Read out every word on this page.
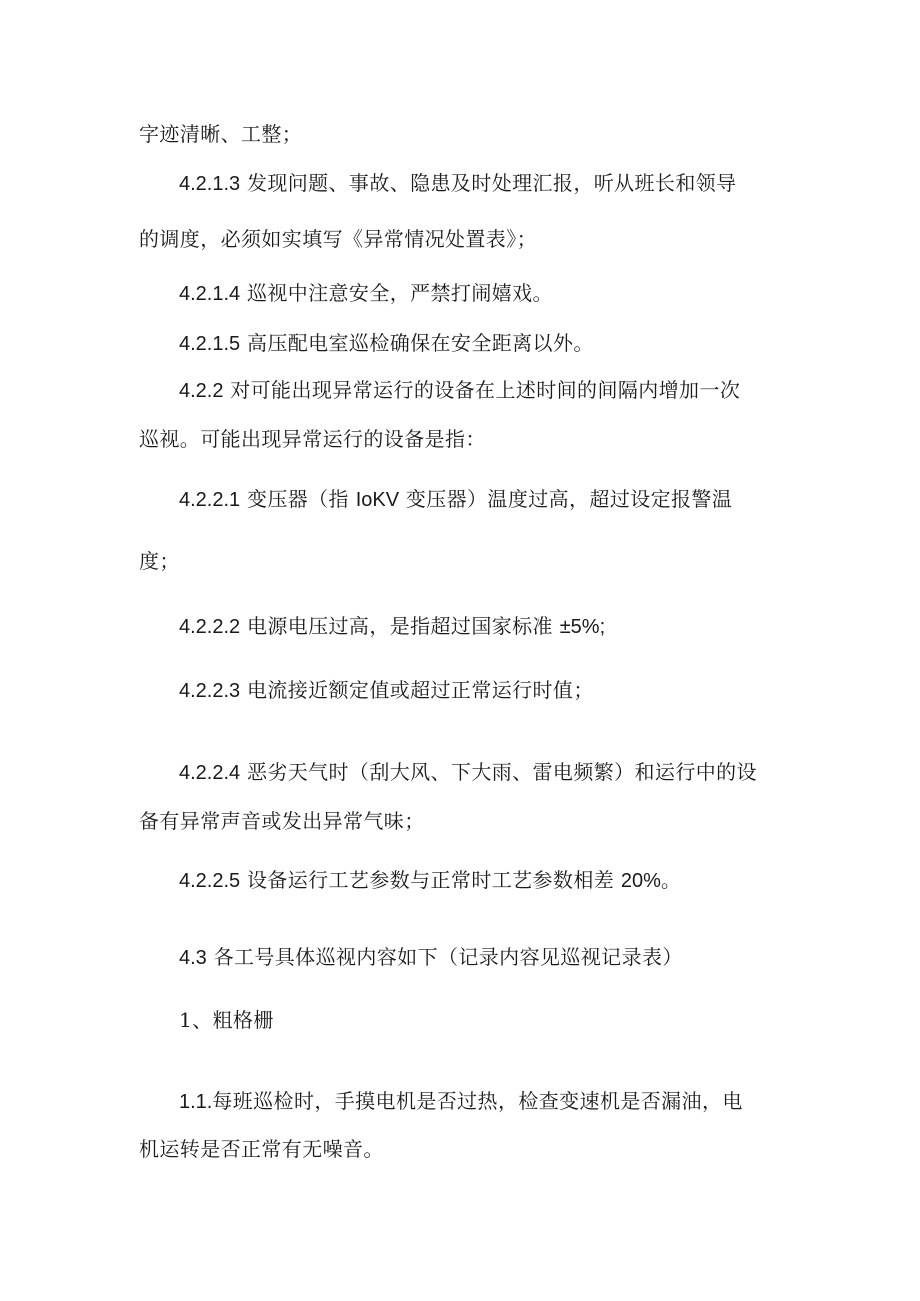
字迹清晰、工整；

4.2.1.3 发现问题、事故、隐患及时处理汇报，听从班长和领导

的调度，必须如实填写《异常情况处置表》；

4.2.1.4 巡视中注意安全，严禁打闹嬉戏。

4.2.1.5 高压配电室巡检确保在安全距离以外。

4.2.2 对可能出现异常运行的设备在上述时间的间隔内增加一次

巡视。可能出现异常运行的设备是指：

4.2.2.1 变压器（指 IoKV 变压器）温度过高，超过设定报警温

度；

4.2.2.2 电源电压过高，是指超过国家标准 ±5%;

4.2.2.3 电流接近额定值或超过正常运行时值；

4.2.2.4 恶劣天气时（刮大风、下大雨、雷电频繁）和运行中的设

备有异常声音或发出异常气味；

4.2.2.5 设备运行工艺参数与正常时工艺参数相差 20%。

4.3 各工号具体巡视内容如下（记录内容见巡视记录表）

1、粗格栅

1.1.每班巡检时，手摸电机是否过热，检查变速机是否漏油，电

机运转是否正常有无噪音。
